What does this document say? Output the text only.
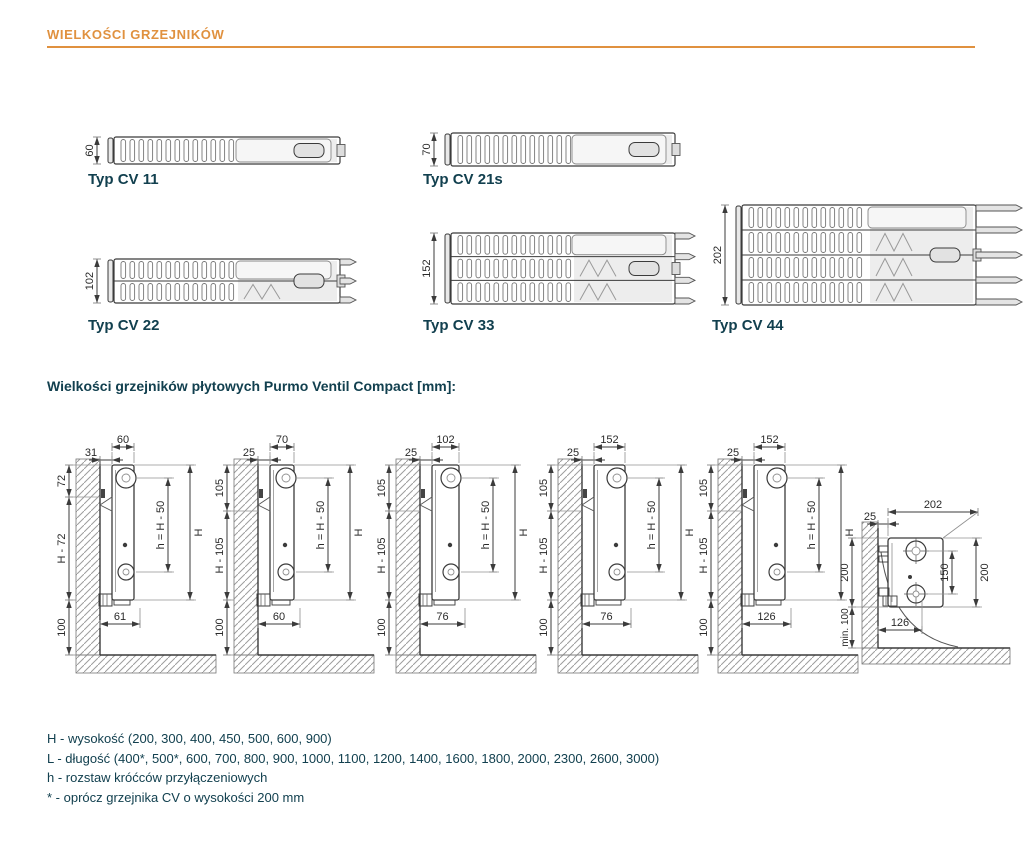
60	70
102
152
202
60
31
h = H - 50 H
72
H - 72
100
61
70
25
h = H - 50 H
105
H - 105
100
60
102
25
h = H - 50 H
105
H - 105
100
76
152
25
h = H - 50 H
105
H - 105
100
76
152
25
h = H - 50 H
105
H - 105
100
126
202
25
150	200
200
min. 100	126
WIELKOŚCI GRZEJNIKÓW
Typ CV 11	Typ CV 21s
Typ CV 22	Typ CV 33	Typ CV 44
Wielkości grzejników płytowych Purmo Ventil Compact [mm]:
H - wysokość (200, 300, 400, 450, 500, 600, 900)
L - długość (400*, 500*, 600, 700, 800, 900, 1000, 1100, 1200, 1400, 1600, 1800, 2000, 2300, 2600, 3000)
h - rozstaw króćców przyłączeniowych
* - oprócz grzejnika CV o wysokości 200 mm
